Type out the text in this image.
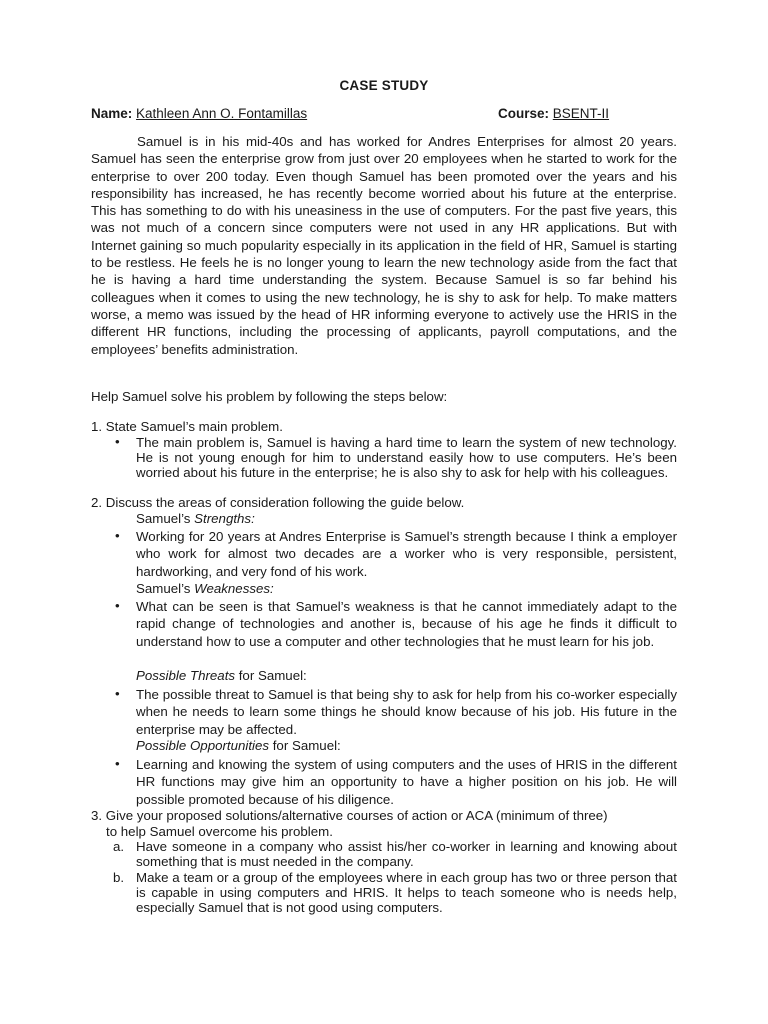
CASE STUDY
Name: Kathleen Ann O. Fontamillas	Course: BSENT-II

Samuel is in his mid-40s and has worked for Andres Enterprises for almost 20 years. Samuel has seen the enterprise grow from just over 20 employees when he started to work for the enterprise to over 200 today. Even though Samuel has been promoted over the years and his responsibility has increased, he has recently become worried about his future at the enterprise. This has something to do with his uneasiness in the use of computers. For the past five years, this was not much of a concern since computers were not used in any HR applications. But with Internet gaining so much popularity especially in its application in the field of HR, Samuel is starting to be restless. He feels he is no longer young to learn the new technology aside from the fact that he is having a hard time understanding the system. Because Samuel is so far behind his colleagues when it comes to using the new technology, he is shy to ask for help. To make matters worse, a memo was issued by the head of HR informing everyone to actively use the HRIS in the different HR functions, including the processing of applicants, payroll computations, and the employees’ benefits administration.

Help Samuel solve his problem by following the steps below:

1. State Samuel’s main problem.

•	The main problem is, Samuel is having a hard time to learn the system of new technology. He is not young enough for him to understand easily how to use computers. He’s been worried about his future in the enterprise; he is also shy to ask for help with his colleagues.

2. Discuss the areas of consideration following the guide below.

Samuel’s Strengths:

•	Working for 20 years at Andres Enterprise is Samuel’s strength because I think a employer who work for almost two decades are a worker who is very responsible, persistent, hardworking, and very fond of his work.

Samuel’s Weaknesses:

•	What can be seen is that Samuel’s weakness is that he cannot immediately adapt to the rapid change of technologies and another is, because of his age he finds it difficult to understand how to use a computer and other technologies that he must learn for his job.

Possible Threats for Samuel:

•	The possible threat to Samuel is that being shy to ask for help from his co-worker especially when he needs to learn some things he should know because of his job. His future in the enterprise may be affected.

Possible Opportunities for Samuel:

•	Learning and knowing the system of using computers and the uses of HRIS in the different HR functions may give him an opportunity to have a higher position on his job. He will possible promoted because of his diligence.

3. Give your proposed solutions/alternative courses of action or ACA (minimum of three)

to help Samuel overcome his problem.

a. Have someone in a company who assist his/her co-worker in learning and knowing about something that is must needed in the company.

b. Make a team or a group of the employees where in each group has two or three person that is capable in using computers and HRIS. It helps to teach someone who is needs help, especially Samuel that is not good using computers.
